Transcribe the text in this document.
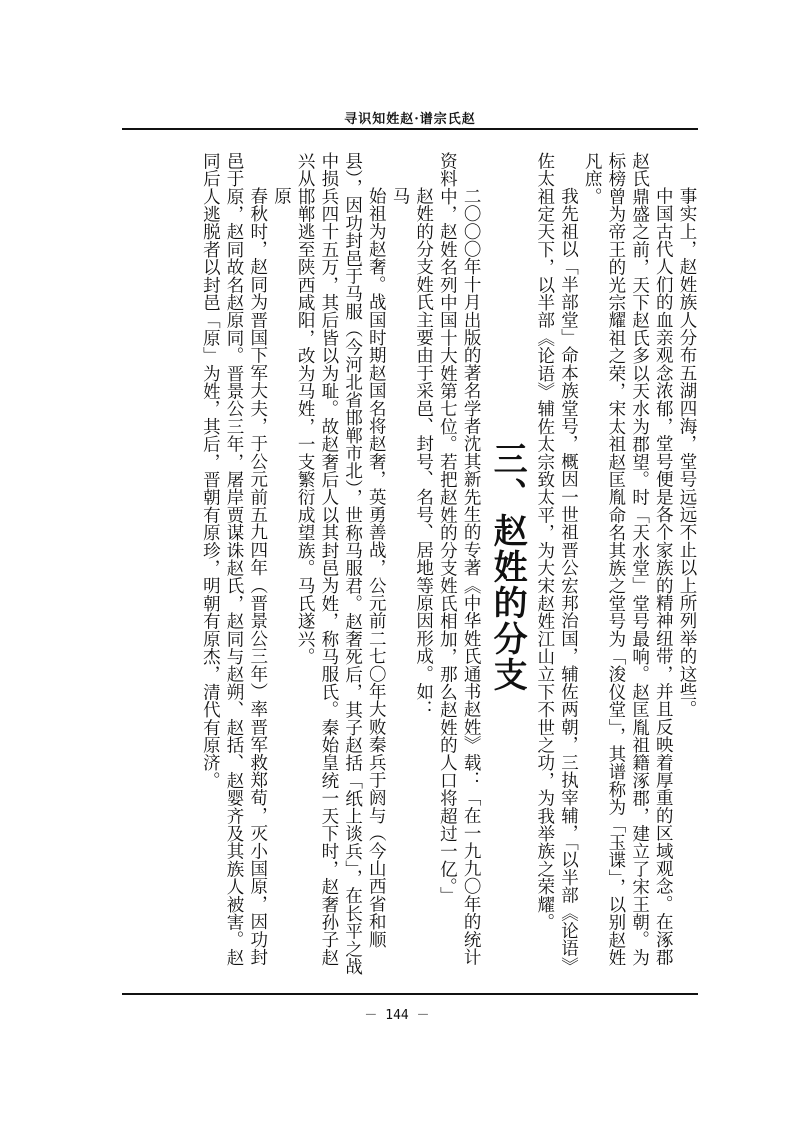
寻识知姓赵·谱宗氏赵

事实上，赵姓族人分布五湖四海，堂号远远不止以上所列举的这些。

中国古代人们的血亲观念浓郁，堂号便是各个家族的精神纽带，并且反映着厚重的区域观念。在涿郡赵氏鼎盛之前，天下赵氏多以天水为郡望。时「天水堂」堂号最响。赵匡胤祖籍涿郡，建立了宋王朝。为标榜曾为帝王的光宗耀祖之荣，宋太祖赵匡胤命名其族之堂号为「浚仪堂」，其谱称为「玉谍」，以别赵姓凡庶。

我先祖以「半部堂」命本族堂号，概因一世祖晋公宏邦治国，辅佐两朝，三执宰辅，「以半部《论语》佐太祖定天下，以半部《论语》辅佐太宗致太平，为大宋赵姓江山立下不世之功，为我举族之荣耀。

三、赵姓的分支

二〇〇〇年十月出版的著名学者沈其新先生的专著《中华姓氏通书赵姓》载：「在一九九〇年的统计资料中，赵姓名列中国十大姓第七位。若把赵姓的分支姓氏相加，那么赵姓的人口将超过一亿。」

赵姓的分支姓氏主要由于采邑、封号、名号、居地等原因形成。如：

马

始祖为赵奢。战国时期赵国名将赵奢，英勇善战，公元前二七〇年大败秦兵于阏与（今山西省和顺县），因功封邑于马服（今河北省邯郸市北），世称马服君。赵奢死后，其子赵括「纸上谈兵」，在长平之战中损兵四十五万，其后皆以为耻。故赵奢后人以其封邑为姓，称马服氏。秦始皇统一天下时，赵奢孙子赵兴从邯郸逃至陕西咸阳，改为马姓，一支繁衍成望族。马氏遂兴。

原

春秋时，赵同为晋国下军大夫，于公元前五九四年（晋景公三年）率晋军救郑荀，灭小国原，因功封邑于原，赵同故名赵原同。晋景公三年，屠岸贾谋诛赵氏，赵同与赵朔、赵括、赵婴齐及其族人被害。赵同后人逃脱者以封邑「原」为姓，其后，晋朝有原珍，明朝有原杰，清代有原济。

－ 144 －
